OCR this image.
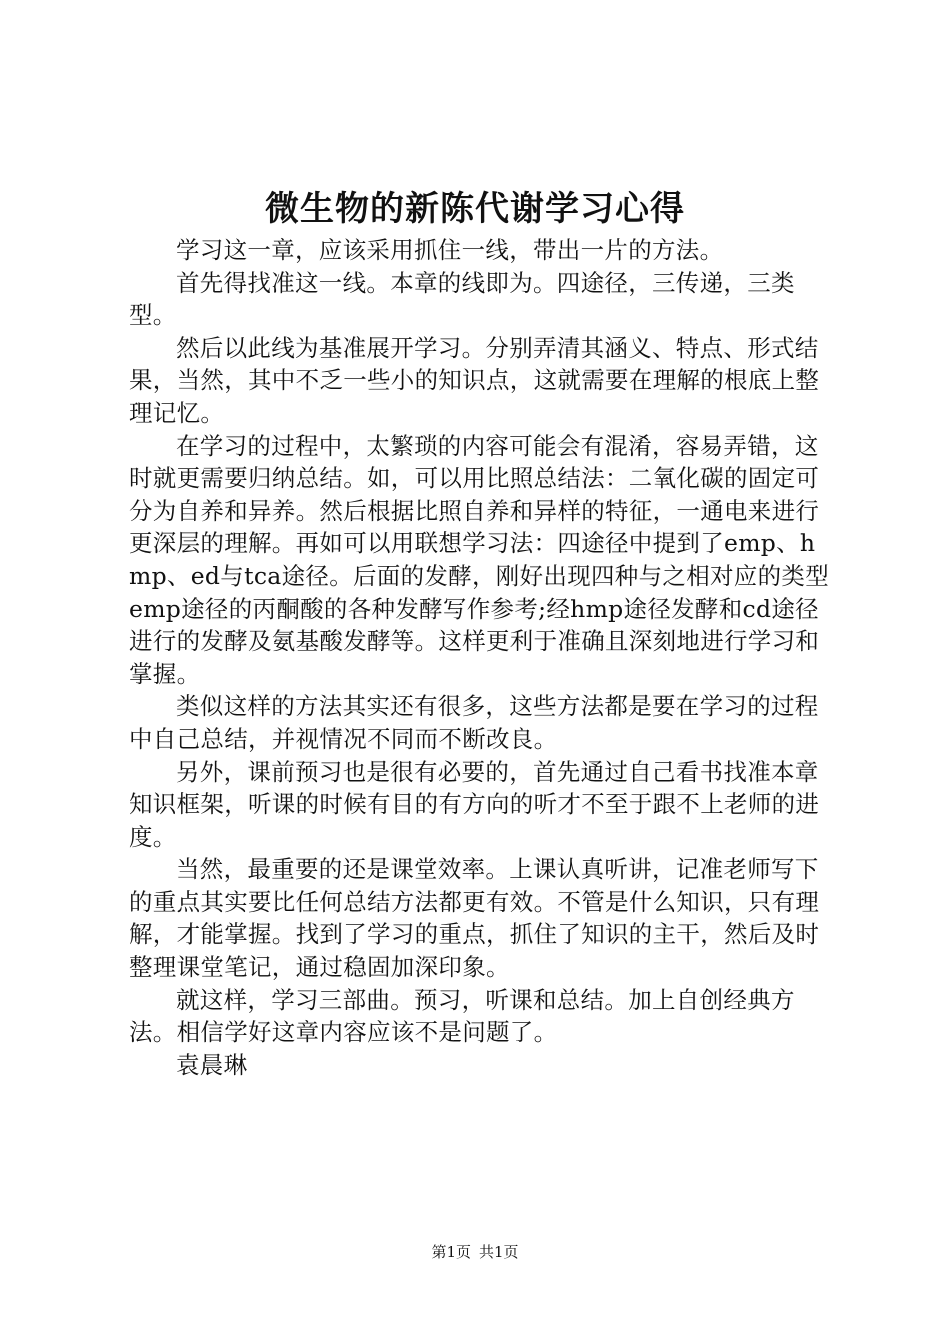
微生物的新陈代谢学习心得

学习这一章，应该采用抓住一线，带出一片的方法。

首先得找准这一线。本章的线即为。四途径，三传递，三类型。

然后以此线为基准展开学习。分别弄清其涵义、特点、形式结果，当然，其中不乏一些小的知识点，这就需要在理解的根底上整理记忆。

在学习的过程中，太繁琐的内容可能会有混淆，容易弄错，这时就更需要归纳总结。如，可以用比照总结法：二氧化碳的固定可分为自养和异养。然后根据比照自养和异样的特征，一通电来进行更深层的理解。再如可以用联想学习法：四途径中提到了emp、hmp、ed与tca途径。后面的发酵，刚好出现四种与之相对应的类型emp途径的丙酮酸的各种发酵写作参考;经hmp途径发酵和cd途径进行的发酵及氨基酸发酵等。这样更利于准确且深刻地进行学习和掌握。

类似这样的方法其实还有很多，这些方法都是要在学习的过程中自己总结，并视情况不同而不断改良。

另外，课前预习也是很有必要的，首先通过自己看书找准本章知识框架，听课的时候有目的有方向的听才不至于跟不上老师的进度。

当然，最重要的还是课堂效率。上课认真听讲，记准老师写下的重点其实要比任何总结方法都更有效。不管是什么知识，只有理解，才能掌握。找到了学习的重点，抓住了知识的主干，然后及时整理课堂笔记，通过稳固加深印象。

就这样，学习三部曲。预习，听课和总结。加上自创经典方法。相信学好这章内容应该不是问题了。

袁晨琳

第1页 共1页
